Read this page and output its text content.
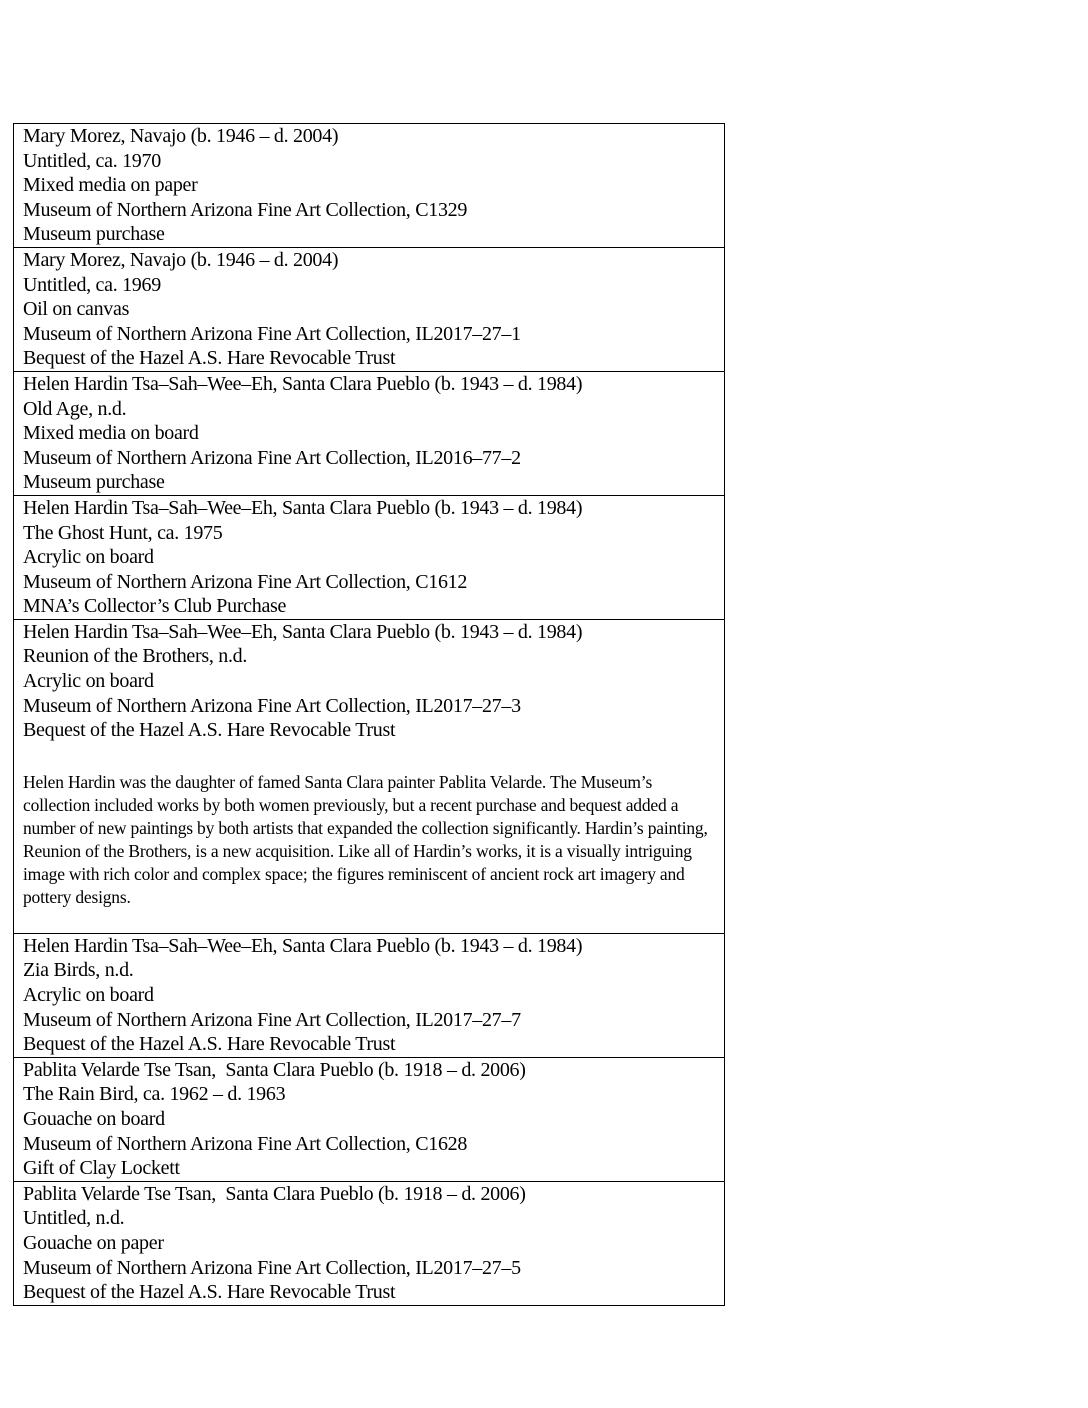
Mary Morez, Navajo (b. 1946 – d. 2004)
Untitled, ca. 1970
Mixed media on paper
Museum of Northern Arizona Fine Art Collection, C1329
Museum purchase
Mary Morez, Navajo (b. 1946 – d. 2004)
Untitled, ca. 1969
Oil on canvas
Museum of Northern Arizona Fine Art Collection, IL2017–27–1
Bequest of the Hazel A.S. Hare Revocable Trust
Helen Hardin Tsa–Sah–Wee–Eh, Santa Clara Pueblo (b. 1943 – d. 1984)
Old Age, n.d.
Mixed media on board
Museum of Northern Arizona Fine Art Collection, IL2016–77–2
Museum purchase
Helen Hardin Tsa–Sah–Wee–Eh, Santa Clara Pueblo (b. 1943 – d. 1984)
The Ghost Hunt, ca. 1975
Acrylic on board
Museum of Northern Arizona Fine Art Collection, C1612
MNA’s Collector’s Club Purchase
Helen Hardin Tsa–Sah–Wee–Eh, Santa Clara Pueblo (b. 1943 – d. 1984)
Reunion of the Brothers, n.d.
Acrylic on board
Museum of Northern Arizona Fine Art Collection, IL2017–27–3
Bequest of the Hazel A.S. Hare Revocable Trust
Helen Hardin was the daughter of famed Santa Clara painter Pablita Velarde. The Museum’s collection included works by both women previously, but a recent purchase and bequest added a number of new paintings by both artists that expanded the collection significantly. Hardin’s painting, Reunion of the Brothers, is a new acquisition. Like all of Hardin’s works, it is a visually intriguing image with rich color and complex space; the figures reminiscent of ancient rock art imagery and pottery designs.
Helen Hardin Tsa–Sah–Wee–Eh, Santa Clara Pueblo (b. 1943 – d. 1984)
Zia Birds, n.d.
Acrylic on board
Museum of Northern Arizona Fine Art Collection, IL2017–27–7
Bequest of the Hazel A.S. Hare Revocable Trust
Pablita Velarde Tse Tsan,  Santa Clara Pueblo (b. 1918 – d. 2006)
The Rain Bird, ca. 1962 – d. 1963
Gouache on board
Museum of Northern Arizona Fine Art Collection, C1628
Gift of Clay Lockett
Pablita Velarde Tse Tsan,  Santa Clara Pueblo (b. 1918 – d. 2006)
Untitled, n.d.
Gouache on paper
Museum of Northern Arizona Fine Art Collection, IL2017–27–5
Bequest of the Hazel A.S. Hare Revocable Trust
